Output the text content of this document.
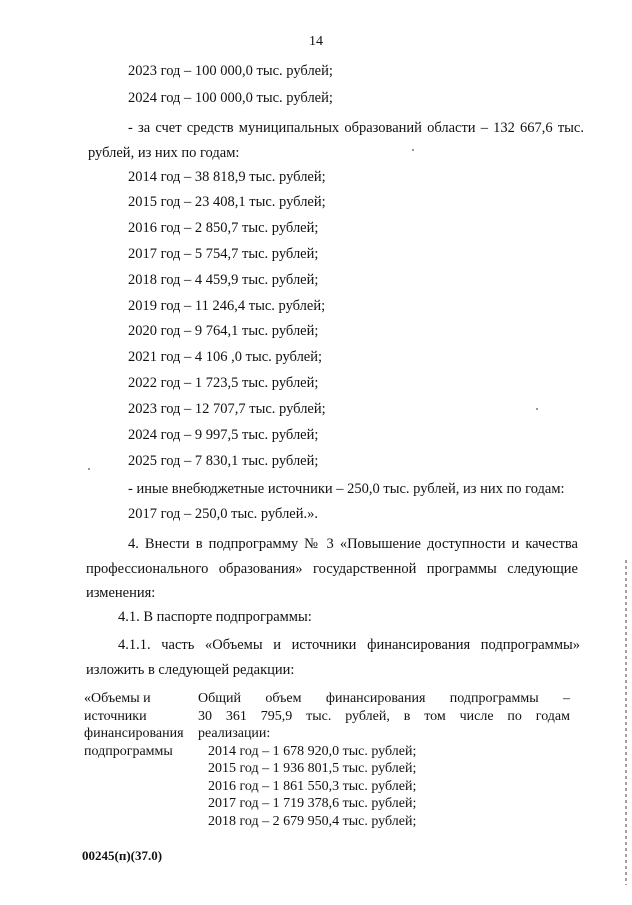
14
2023 год – 100 000,0 тыс. рублей;
2024 год – 100 000,0 тыс. рублей;
- за счет средств муниципальных образований области – 132 667,6 тыс.
рублей, из них по годам:
2014 год – 38 818,9 тыс. рублей;
2015 год – 23 408,1 тыс. рублей;
2016 год – 2 850,7 тыс. рублей;
2017 год – 5 754,7 тыс. рублей;
2018 год – 4 459,9 тыс. рублей;
2019 год – 11 246,4 тыс. рублей;
2020 год – 9 764,1 тыс. рублей;
2021 год – 4 106 ,0 тыс. рублей;
2022 год – 1 723,5 тыс. рублей;
2023 год – 12 707,7 тыс. рублей;
2024 год – 9 997,5 тыс. рублей;
2025 год – 7 830,1 тыс. рублей;
- иные внебюджетные источники – 250,0 тыс. рублей, из них по годам:
2017 год – 250,0 тыс. рублей.».
4. Внести в подпрограмму № 3 «Повышение доступности и качества
профессионального образования» государственной программы следующие
изменения:
4.1. В паспорте подпрограммы:
4.1.1. часть «Объемы и источники финансирования подпрограммы»
изложить в следующей редакции:
«Объемы и
источники
финансирования
подпрограммы
Общий объем финансирования подпрограммы –
30 361 795,9 тыс. рублей, в том числе по годам
реализации:
2014 год – 1 678 920,0 тыс. рублей;
2015 год – 1 936 801,5 тыс. рублей;
2016 год – 1 861 550,3 тыс. рублей;
2017 год – 1 719 378,6 тыс. рублей;
2018 год – 2 679 950,4 тыс. рублей;
00245(п)(37.0)
